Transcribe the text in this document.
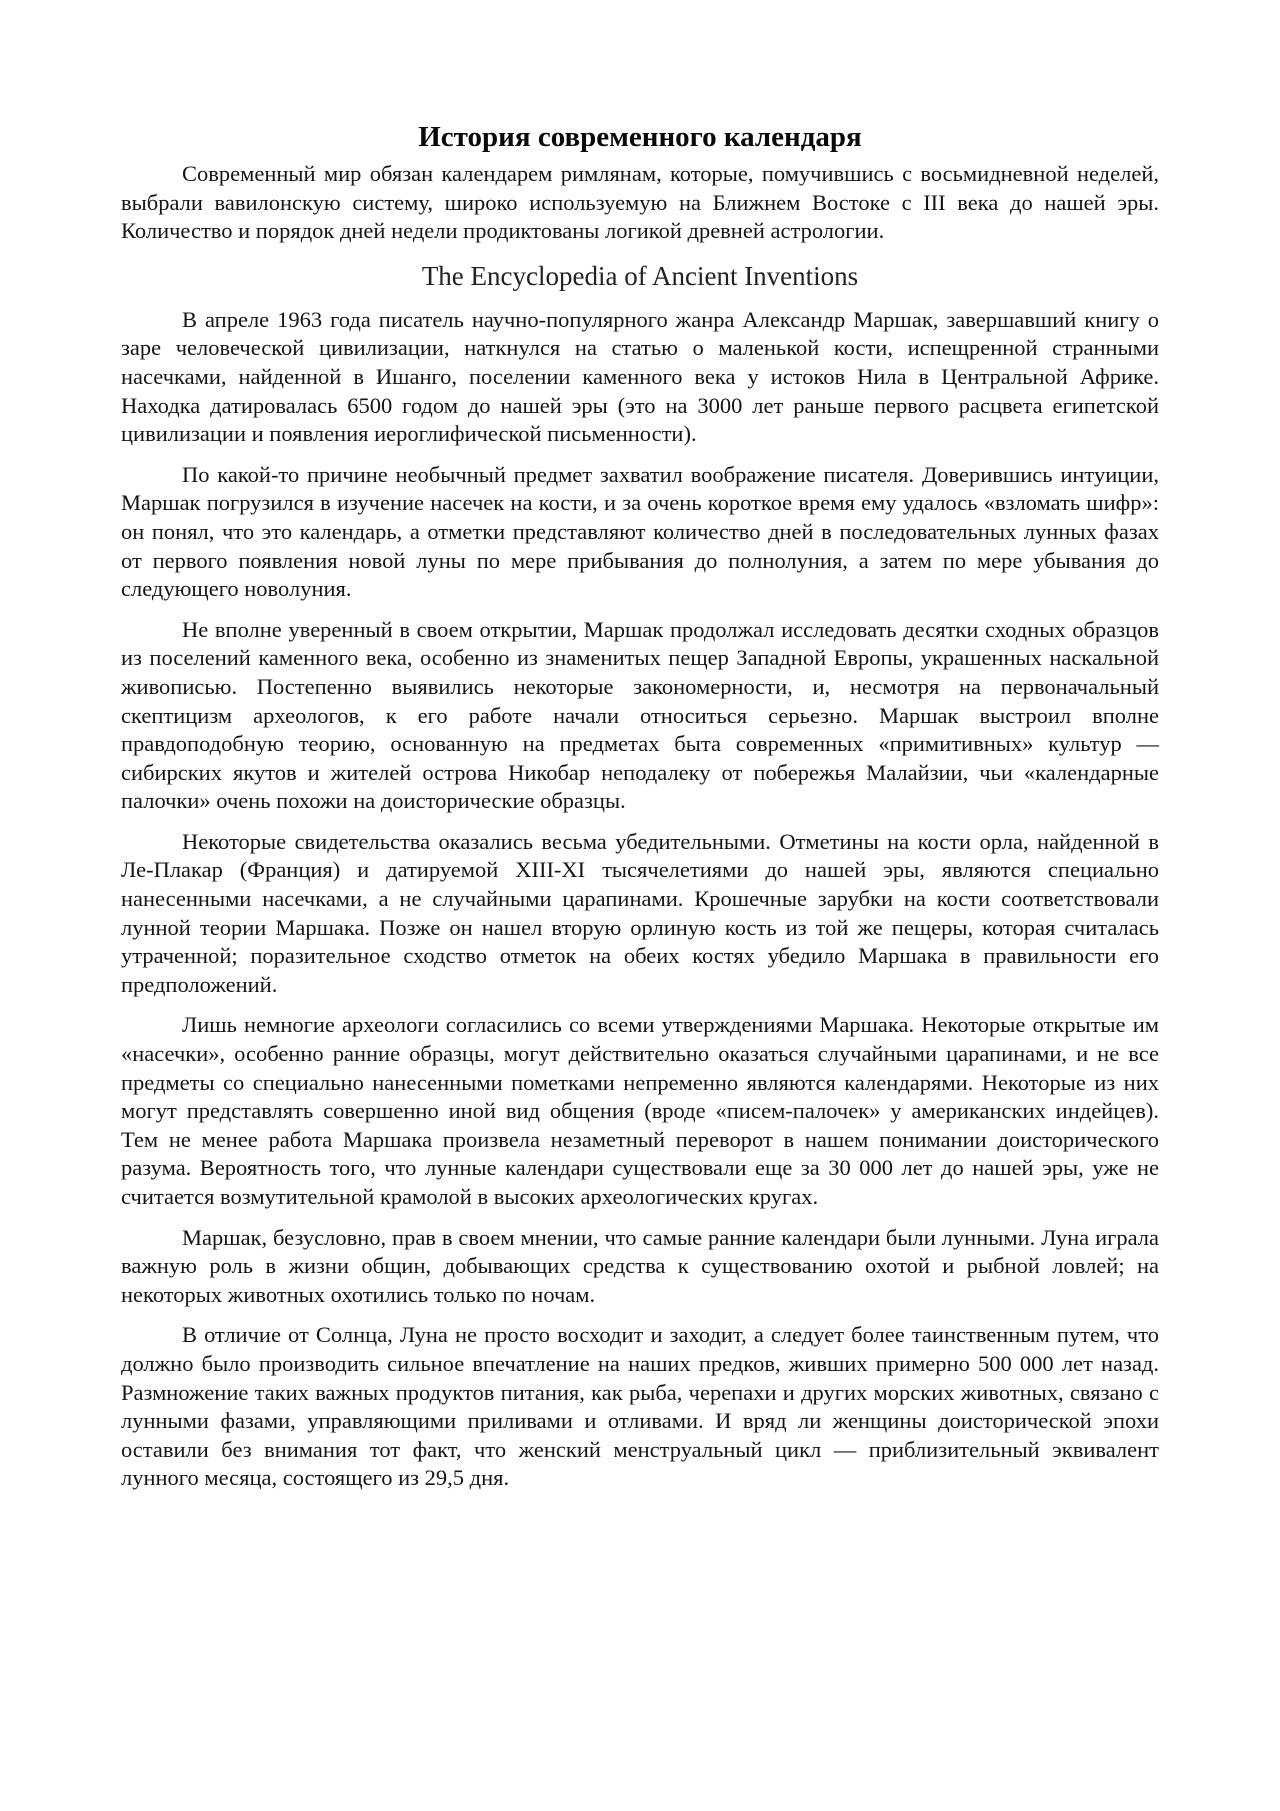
История современного календаря

Современный мир обязан календарем римлянам, которые, помучившись с восьмидневной неделей, выбрали вавилонскую систему, широко используемую на Ближнем Востоке с III века до нашей эры. Количество и порядок дней недели продиктованы логикой древней астрологии.

The Encyclopedia of Ancient Inventions

В апреле 1963 года писатель научно-популярного жанра Александр Маршак, завершавший книгу о заре человеческой цивилизации, наткнулся на статью о маленькой кости, испещренной странными насечками, найденной в Ишанго, поселении каменного века у истоков Нила в Центральной Африке. Находка датировалась 6500 годом до нашей эры (это на 3000 лет раньше первого расцвета египетской цивилизации и появления иероглифической письменности).

По какой-то причине необычный предмет захватил воображение писателя. Доверившись интуиции, Маршак погрузился в изучение насечек на кости, и за очень короткое время ему удалось «взломать шифр»: он понял, что это календарь, а отметки представляют количество дней в последовательных лунных фазах от первого появления новой луны по мере прибывания до полнолуния, а затем по мере убывания до следующего новолуния.

Не вполне уверенный в своем открытии, Маршак продолжал исследовать десятки сходных образцов из поселений каменного века, особенно из знаменитых пещер Западной Европы, украшенных наскальной живописью. Постепенно выявились некоторые закономерности, и, несмотря на первоначальный скептицизм археологов, к его работе начали относиться серьезно. Маршак выстроил вполне правдоподобную теорию, основанную на предметах быта современных «примитивных» культур — сибирских якутов и жителей острова Никобар неподалеку от побережья Малайзии, чьи «календарные палочки» очень похожи на доисторические образцы.

Некоторые свидетельства оказались весьма убедительными. Отметины на кости орла, найденной в Ле-Плакар (Франция) и датируемой XIII-XI тысячелетиями до нашей эры, являются специально нанесенными насечками, а не случайными царапинами. Крошечные зарубки на кости соответствовали лунной теории Маршака. Позже он нашел вторую орлиную кость из той же пещеры, которая считалась утраченной; поразительное сходство отметок на обеих костях убедило Маршака в правильности его предположений.

Лишь немногие археологи согласились со всеми утверждениями Маршака. Некоторые открытые им «насечки», особенно ранние образцы, могут действительно оказаться случайными царапинами, и не все предметы со специально нанесенными пометками непременно являются календарями. Некоторые из них могут представлять совершенно иной вид общения (вроде «писем-палочек» у американских индейцев). Тем не менее работа Маршака произвела незаметный переворот в нашем понимании доисторического разума. Вероятность того, что лунные календари существовали еще за 30 000 лет до нашей эры, уже не считается возмутительной крамолой в высоких археологических кругах.

Маршак, безусловно, прав в своем мнении, что самые ранние календари были лунными. Луна играла важную роль в жизни общин, добывающих средства к существованию охотой и рыбной ловлей; на некоторых животных охотились только по ночам.

В отличие от Солнца, Луна не просто восходит и заходит, а следует более таинственным путем, что должно было производить сильное впечатление на наших предков, живших примерно 500 000 лет назад. Размножение таких важных продуктов питания, как рыба, черепахи и других морских животных, связано с лунными фазами, управляющими приливами и отливами. И вряд ли женщины доисторической эпохи оставили без внимания тот факт, что женский менструальный цикл — приблизительный эквивалент лунного месяца, состоящего из 29,5 дня.
